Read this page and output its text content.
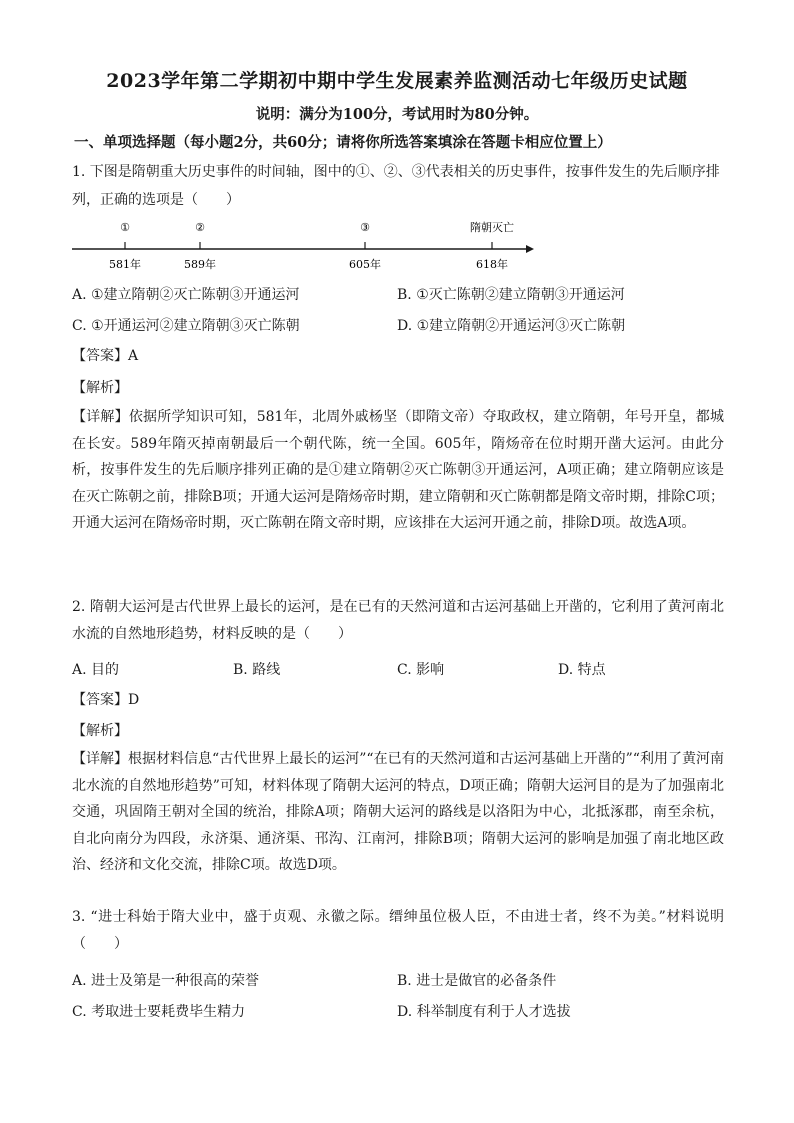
2023学年第二学期初中期中学生发展素养监测活动七年级历史试题
说明：满分为100分，考试用时为80分钟。
一、单项选择题（每小题2分，共60分；请将你所选答案填涂在答题卡相应位置上）
1. 下图是隋朝重大历史事件的时间轴，图中的①、②、③代表相关的历史事件，按事件发生的先后顺序排
列，正确的选项是（　　）
①	②	③	隋朝灭亡
581年	589年	605年	618年
A. ①建立隋朝②灭亡陈朝③开通运河	B. ①灭亡陈朝②建立隋朝③开通运河
C. ①开通运河②建立隋朝③灭亡陈朝	D. ①建立隋朝②开通运河③灭亡陈朝
【答案】A
【解析】
【详解】依据所学知识可知，581年，北周外戚杨坚（即隋文帝）夺取政权，建立隋朝，年号开皇，都城在长安。589年隋灭掉南朝最后一个朝代陈，统一全国。605年，隋炀帝在位时期开凿大运河。由此分析，按事件发生的先后顺序排列正确的是①建立隋朝②灭亡陈朝③开通运河，A项正确；建立隋朝应该是在灭亡陈朝之前，排除B项；开通大运河是隋炀帝时期，建立隋朝和灭亡陈朝都是隋文帝时期，排除C项；开通大运河在隋炀帝时期，灭亡陈朝在隋文帝时期，应该排在大运河开通之前，排除D项。故选A项。
2. 隋朝大运河是古代世界上最长的运河，是在已有的天然河道和古运河基础上开凿的，它利用了黄河南北水流的自然地形趋势，材料反映的是（　　）
A. 目的	B. 路线	C. 影响	D. 特点
【答案】D
【解析】
【详解】根据材料信息“古代世界上最长的运河”“在已有的天然河道和古运河基础上开凿的”“利用了黄河南北水流的自然地形趋势”可知，材料体现了隋朝大运河的特点，D项正确；隋朝大运河目的是为了加强南北交通，巩固隋王朝对全国的统治，排除A项；隋朝大运河的路线是以洛阳为中心，北抵涿郡，南至余杭，自北向南分为四段，永济渠、通济渠、邗沟、江南河，排除B项；隋朝大运河的影响是加强了南北地区政治、经济和文化交流，排除C项。故选D项。
3. “进士科始于隋大业中，盛于贞观、永徽之际。缙绅虽位极人臣，不由进士者，终不为美。”材料说明（　　）
A. 进士及第是一种很高的荣誉	B. 进士是做官的必备条件
C. 考取进士要耗费毕生精力	D. 科举制度有利于人才选拔
